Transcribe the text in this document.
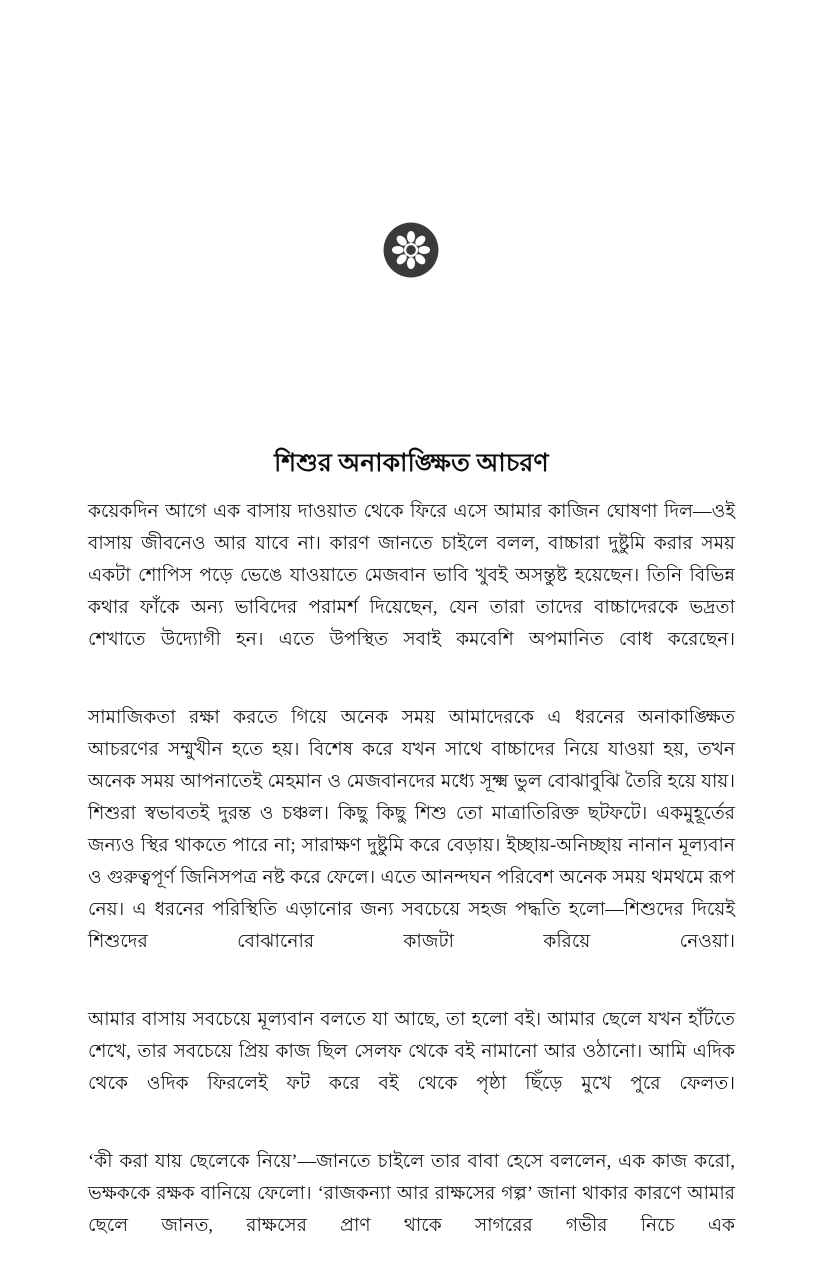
শিশুর অনাকাঙ্ক্ষিত আচরণ

কয়েকদিন আগে এক বাসায় দাওয়াত থেকে ফিরে এসে আমার কাজিন ঘোষণা দিল—ওই বাসায় জীবনেও আর যাবে না। কারণ জানতে চাইলে বলল, বাচ্চারা দুষ্টুমি করার সময় একটা শোপিস পড়ে ভেঙে যাওয়াতে মেজবান ভাবি খুবই অসন্তুষ্ট হয়েছেন। তিনি বিভিন্ন কথার ফাঁকে অন্য ভাবিদের পরামর্শ দিয়েছেন, যেন তারা তাদের বাচ্চাদেরকে ভদ্রতা শেখাতে উদ্যোগী হন। এতে উপস্থিত সবাই কমবেশি অপমানিত বোধ করেছেন।

সামাজিকতা রক্ষা করতে গিয়ে অনেক সময় আমাদেরকে এ ধরনের অনাকাঙ্ক্ষিত আচরণের সম্মুখীন হতে হয়। বিশেষ করে যখন সাথে বাচ্চাদের নিয়ে যাওয়া হয়, তখন অনেক সময় আপনাতেই মেহমান ও মেজবানদের মধ্যে সূক্ষ্ম ভুল বোঝাবুঝি তৈরি হয়ে যায়। শিশুরা স্বভাবতই দুরন্ত ও চঞ্চল। কিছু কিছু শিশু তো মাত্রাতিরিক্ত ছটফটে। একমুহূর্তের জন্যও স্থির থাকতে পারে না; সারাক্ষণ দুষ্টুমি করে বেড়ায়। ইচ্ছায়-অনিচ্ছায় নানান মূল্যবান ও গুরুত্বপূর্ণ জিনিসপত্র নষ্ট করে ফেলে। এতে আনন্দঘন পরিবেশ অনেক সময় থমথমে রূপ নেয়। এ ধরনের পরিস্থিতি এড়ানোর জন্য সবচেয়ে সহজ পদ্ধতি হলো—শিশুদের দিয়েই শিশুদের বোঝানোর কাজটা করিয়ে নেওয়া।

আমার বাসায় সবচেয়ে মূল্যবান বলতে যা আছে, তা হলো বই। আমার ছেলে যখন হাঁটতে শেখে, তার সবচেয়ে প্রিয় কাজ ছিল সেলফ থেকে বই নামানো আর ওঠানো। আমি এদিক থেকে ওদিক ফিরলেই ফট করে বই থেকে পৃষ্ঠা ছিঁড়ে মুখে পুরে ফেলত।

‘কী করা যায় ছেলেকে নিয়ে’—জানতে চাইলে তার বাবা হেসে বললেন, এক কাজ করো, ভক্ষককে রক্ষক বানিয়ে ফেলো। ‘রাজকন্যা আর রাক্ষসের গল্প’ জানা থাকার কারণে আমার ছেলে জানত, রাক্ষসের প্রাণ থাকে সাগরের গভীর নিচে এক
